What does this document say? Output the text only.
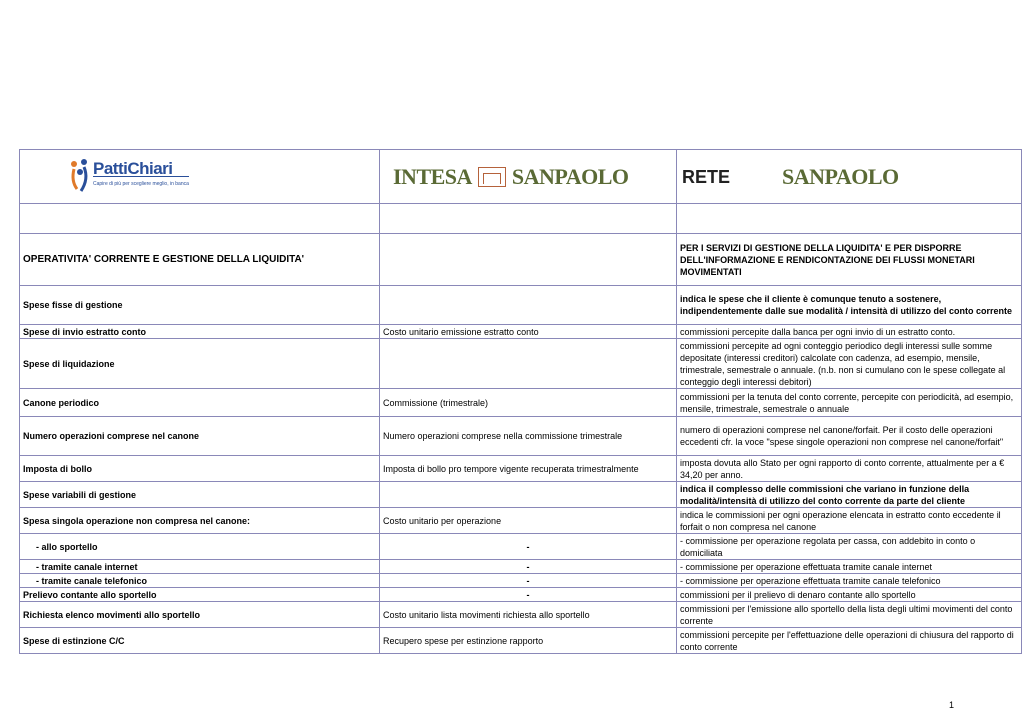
PattiChiari
Capire di più per scegliere meglio, in banca	INTESA SANPAOLO	RETE SANPAOLO

OPERATIVITA' CORRENTE E GESTIONE DELLA LIQUIDITA'		PER I SERVIZI DI GESTIONE DELLA LIQUIDITA' E PER DISPORRE DELL'INFORMAZIONE E RENDICONTAZIONE DEI FLUSSI MONETARI MOVIMENTATI
Spese fisse di gestione		indica le spese che il cliente è comunque tenuto a sostenere, indipendentemente dalle sue modalità / intensità di utilizzo del conto corrente
Spese di invio estratto conto	Costo unitario emissione estratto conto	commissioni percepite dalla banca per ogni invio di un estratto conto.
Spese di liquidazione		commissioni percepite ad ogni conteggio periodico degli interessi sulle somme depositate (interessi creditori) calcolate con cadenza, ad esempio, mensile, trimestrale, semestrale o annuale. (n.b. non si cumulano con le spese collegate al conteggio degli interessi debitori)
Canone periodico	Commissione (trimestrale)	commissioni per la tenuta del conto corrente, percepite con periodicità, ad esempio, mensile, trimestrale, semestrale o annuale
Numero operazioni comprese nel canone	Numero operazioni comprese nella commissione trimestrale	numero di operazioni comprese nel canone/forfait. Per il costo delle operazioni eccedenti cfr. la voce "spese singole operazioni non comprese nel canone/forfait"
Imposta di bollo	Imposta di bollo pro tempore vigente recuperata trimestralmente	imposta dovuta allo Stato per ogni rapporto di conto corrente, attualmente per a € 34,20 per anno.
Spese variabili di gestione		indica il complesso delle commissioni che variano in funzione della modalità/intensità di utilizzo del conto corrente da parte del cliente
Spesa singola operazione non compresa nel canone:	Costo unitario per operazione	indica le commissioni per ogni operazione elencata in estratto conto eccedente il forfait o non compresa nel canone
- allo sportello	-	- commissione per operazione regolata per cassa, con addebito in conto o domiciliata
- tramite canale internet	-	- commissione per operazione effettuata tramite canale internet
- tramite canale telefonico	-	- commissione per operazione effettuata tramite canale telefonico
Prelievo contante allo sportello	-	commissioni per il prelievo di denaro contante allo sportello
Richiesta elenco movimenti allo sportello	Costo unitario lista movimenti richiesta allo sportello	commissioni per l'emissione allo sportello della lista degli ultimi movimenti del conto corrente
Spese di estinzione C/C	Recupero spese per estinzione rapporto	commissioni percepite per l'effettuazione delle operazioni di chiusura del rapporto di conto corrente
1
